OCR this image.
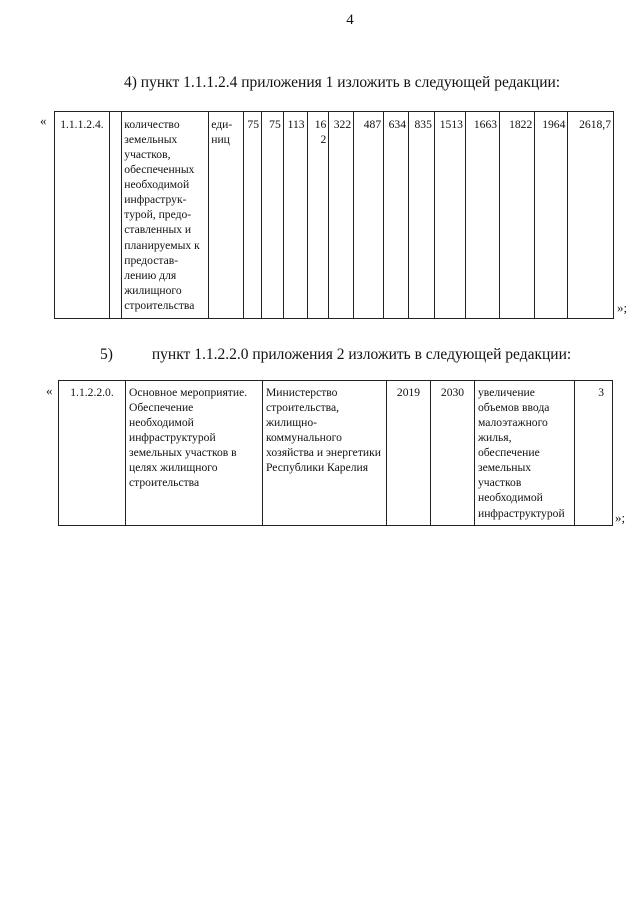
4
4) пункт 1.1.1.2.4 приложения 1 изложить в следующей редакции:
« 1.1.1.2.4.		количество земельных участков, обеспеченных необходимой инфраструк-турой, предо-ставленных и планируемых к предостав-лению для жилищного строительства	еди-ниц	75	75	113	162	322	487	634	835	1513	1663	1822	1964	2618,7
»;
5)	пункт 1.1.2.2.0 приложения 2 изложить в следующей редакции:
« 1.1.2.2.0.	Основное мероприятие. Обеспечение необходимой инфраструктурой земельных участков в целях жилищного строительства	Министерство строительства, жилищно-коммунального хозяйства и энергетики Республики Карелия	2019	2030	увеличение объемов ввода малоэтажного жилья, обеспечение земельных участков необходимой инфраструктурой	3
»;
